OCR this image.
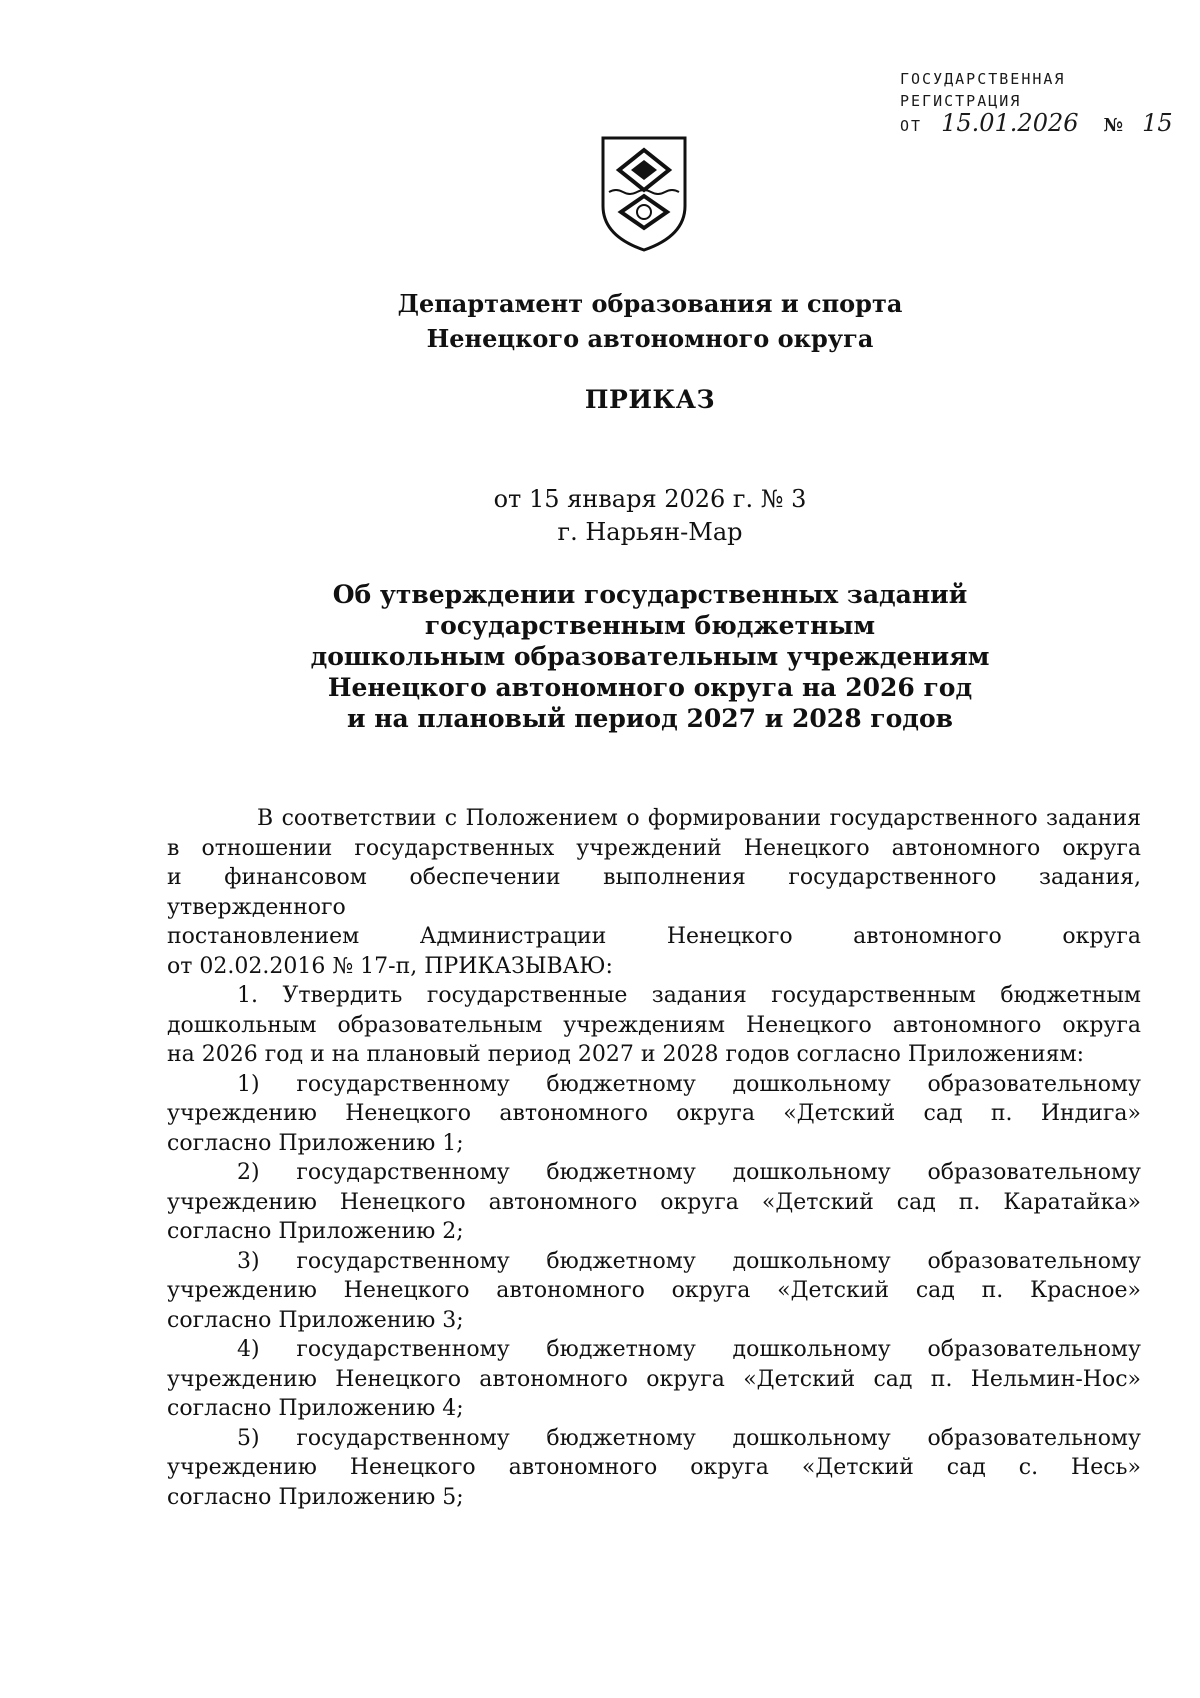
ГОСУДАРСТВЕННАЯ
РЕГИСТРАЦИЯ
ОТ 15.01.2026 № 15
Департамент образования и спорта
Ненецкого автономного округа
ПРИКАЗ
от 15 января 2026 г. № 3
г. Нарьян-Мар
Об утверждении государственных заданий
государственным бюджетным
дошкольным образовательным учреждениям
Ненецкого автономного округа на 2026 год
и на плановый период 2027 и 2028 годов

В соответствии с Положением о формировании государственного задания

в отношении государственных учреждений Ненецкого автономного округа

и финансовом обеспечении выполнения государственного задания, утвержденного

постановлением Администрации Ненецкого автономного округа

от 02.02.2016 № 17-п, ПРИКАЗЫВАЮ:

1. Утвердить государственные задания государственным бюджетным

дошкольным образовательным учреждениям Ненецкого автономного округа

на 2026 год и на плановый период 2027 и 2028 годов согласно Приложениям:

1) государственному бюджетному дошкольному образовательному

учреждению Ненецкого автономного округа «Детский сад п. Индига»

согласно Приложению 1;

2) государственному бюджетному дошкольному образовательному

учреждению Ненецкого автономного округа «Детский сад п. Каратайка»

согласно Приложению 2;

3) государственному бюджетному дошкольному образовательному

учреждению Ненецкого автономного округа «Детский сад п. Красное»

согласно Приложению 3;

4) государственному бюджетному дошкольному образовательному

учреждению Ненецкого автономного округа «Детский сад п. Нельмин-Нос»

согласно Приложению 4;

5) государственному бюджетному дошкольному образовательному

учреждению Ненецкого автономного округа «Детский сад с. Несь»

согласно Приложению 5;
